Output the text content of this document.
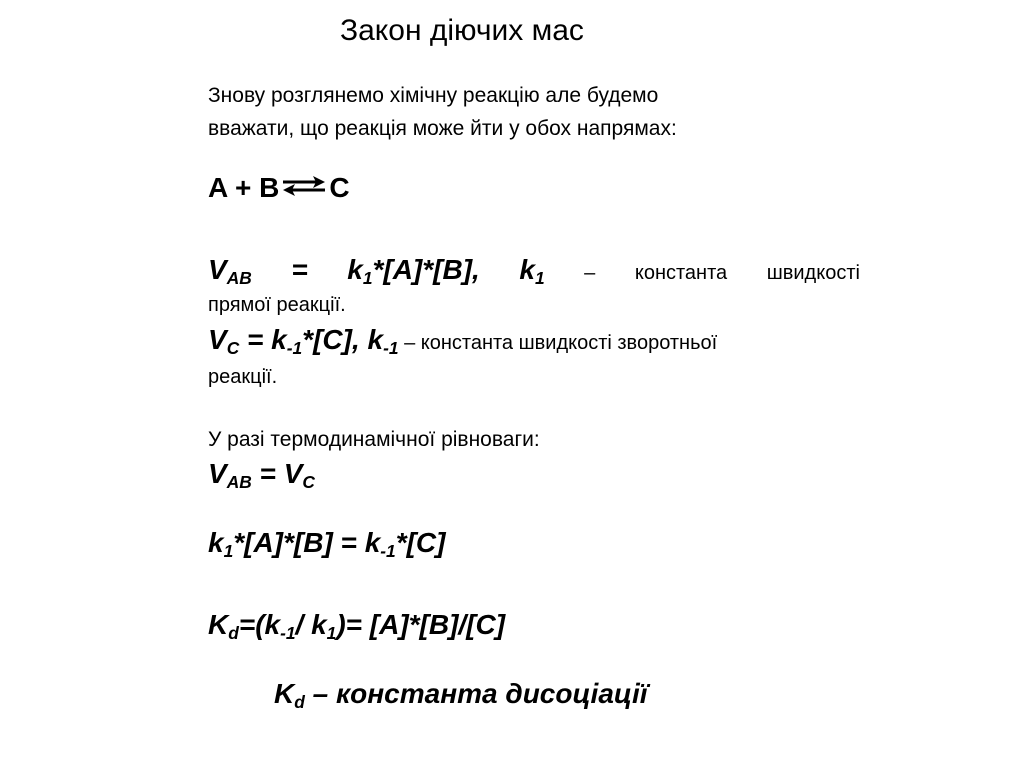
Закон діючих мас
Знову розглянемо хімічну реакцію але будемо
вважати, що реакція може йти у обох напрямах:
A + B ⇌ C
$V_{AB} = k_1*[A]*[B]$, $k_1$ – константа швидкості
прямої реакції.
$V_C = k_{-1}*[C]$, $k_{-1}$ – константа швидкості зворотньої
реакції.
У разі термодинамічної рівноваги:
$V_{AB} = V_C$
$k_1*[A]*[B] = k_{-1}*[C]$
$K_d=(k_{-1}/$ $k_1)= [A]*[B]/[C]$
$K_d$ – константа дисоціації
